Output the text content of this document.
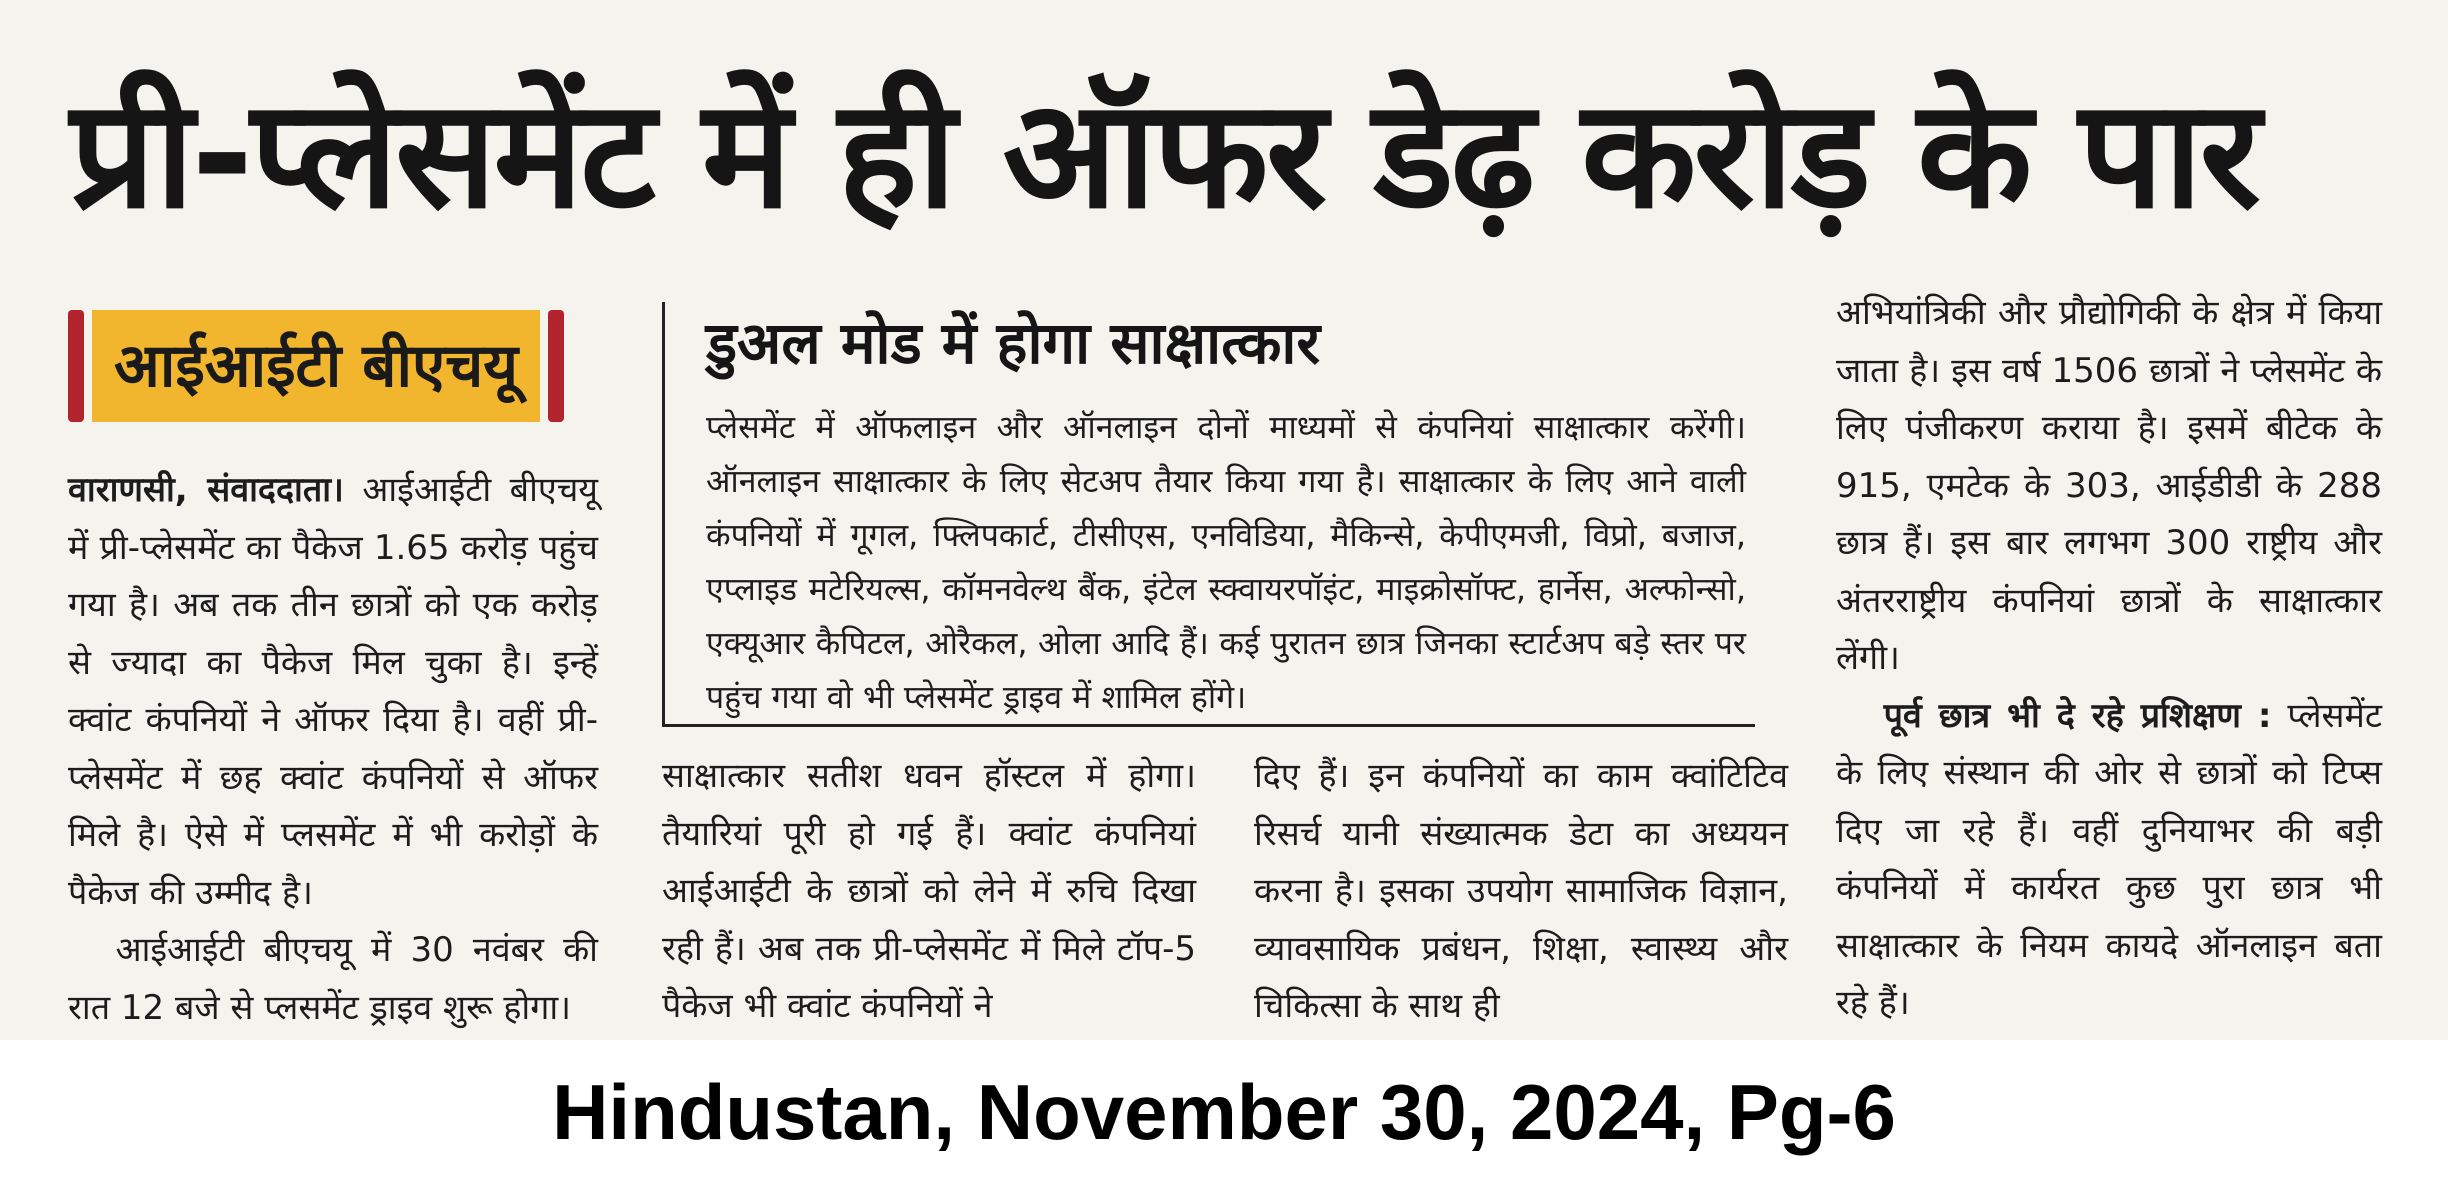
प्री-प्लेसमेंट में ही ऑफर डेढ़ करोड़ के पार
आईआईटी बीएचयू

वाराणसी, संवाददाता। आईआईटी बीएचयू में प्री-प्लेसमेंट का पैकेज 1.65 करोड़ पहुंच गया है। अब तक तीन छात्रों को एक करोड़ से ज्यादा का पैकेज मिल चुका है। इन्हें क्वांट कंपनियों ने ऑफर दिया है। वहीं प्री-प्लेसमेंट में छह क्वांट कंपनियों से ऑफर मिले है। ऐसे में प्लसमेंट में भी करोड़ों के पैकेज की उम्मीद है।

आईआईटी बीएचयू में 30 नवंबर की रात 12 बजे से प्लसमेंट ड्राइव शुरू होगा।

डुअल मोड में होगा साक्षात्कार

प्लेसमेंट में ऑफलाइन और ऑनलाइन दोनों माध्यमों से कंपनियां साक्षात्कार करेंगी। ऑनलाइन साक्षात्कार के लिए सेटअप तैयार किया गया है। साक्षात्कार के लिए आने वाली कंपनियों में गूगल, फ्लिपकार्ट, टीसीएस, एनविडिया, मैकिन्से, केपीएमजी, विप्रो, बजाज, एप्लाइड मटेरियल्स, कॉमनवेल्थ बैंक, इंटेल स्क्वायरपॉइंट, माइक्रोसॉफ्ट, हार्नेस, अल्फोन्सो, एक्यूआर कैपिटल, ओरैकल, ओला आदि हैं। कई पुरातन छात्र जिनका स्टार्टअप बड़े स्तर पर पहुंच गया वो भी प्लेसमेंट ड्राइव में शामिल होंगे।

साक्षात्कार सतीश धवन हॉस्टल में होगा। तैयारियां पूरी हो गई हैं। क्वांट कंपनियां आईआईटी के छात्रों को लेने में रुचि दिखा रही हैं। अब तक प्री-प्लेसमेंट में मिले टॉप-5 पैकेज भी क्वांट कंपनियों ने

दिए हैं। इन कंपनियों का काम क्वांटिटिव रिसर्च यानी संख्यात्मक डेटा का अध्ययन करना है। इसका उपयोग सामाजिक विज्ञान, व्यावसायिक प्रबंधन, शिक्षा, स्वास्थ्य और चिकित्सा के साथ ही

अभियांत्रिकी और प्रौद्योगिकी के क्षेत्र में किया जाता है। इस वर्ष 1506 छात्रों ने प्लेसमेंट के लिए पंजीकरण कराया है। इसमें बीटेक के 915, एमटेक के 303, आईडीडी के 288 छात्र हैं। इस बार लगभग 300 राष्ट्रीय और अंतरराष्ट्रीय कंपनियां छात्रों के साक्षात्कार लेंगी।

पूर्व छात्र भी दे रहे प्रशिक्षण : प्लेसमेंट के लिए संस्थान की ओर से छात्रों को टिप्स दिए जा रहे हैं। वहीं दुनियाभर की बड़ी कंपनियों में कार्यरत कुछ पुरा छात्र भी साक्षात्कार के नियम कायदे ऑनलाइन बता रहे हैं।

Hindustan, November 30, 2024, Pg-6
